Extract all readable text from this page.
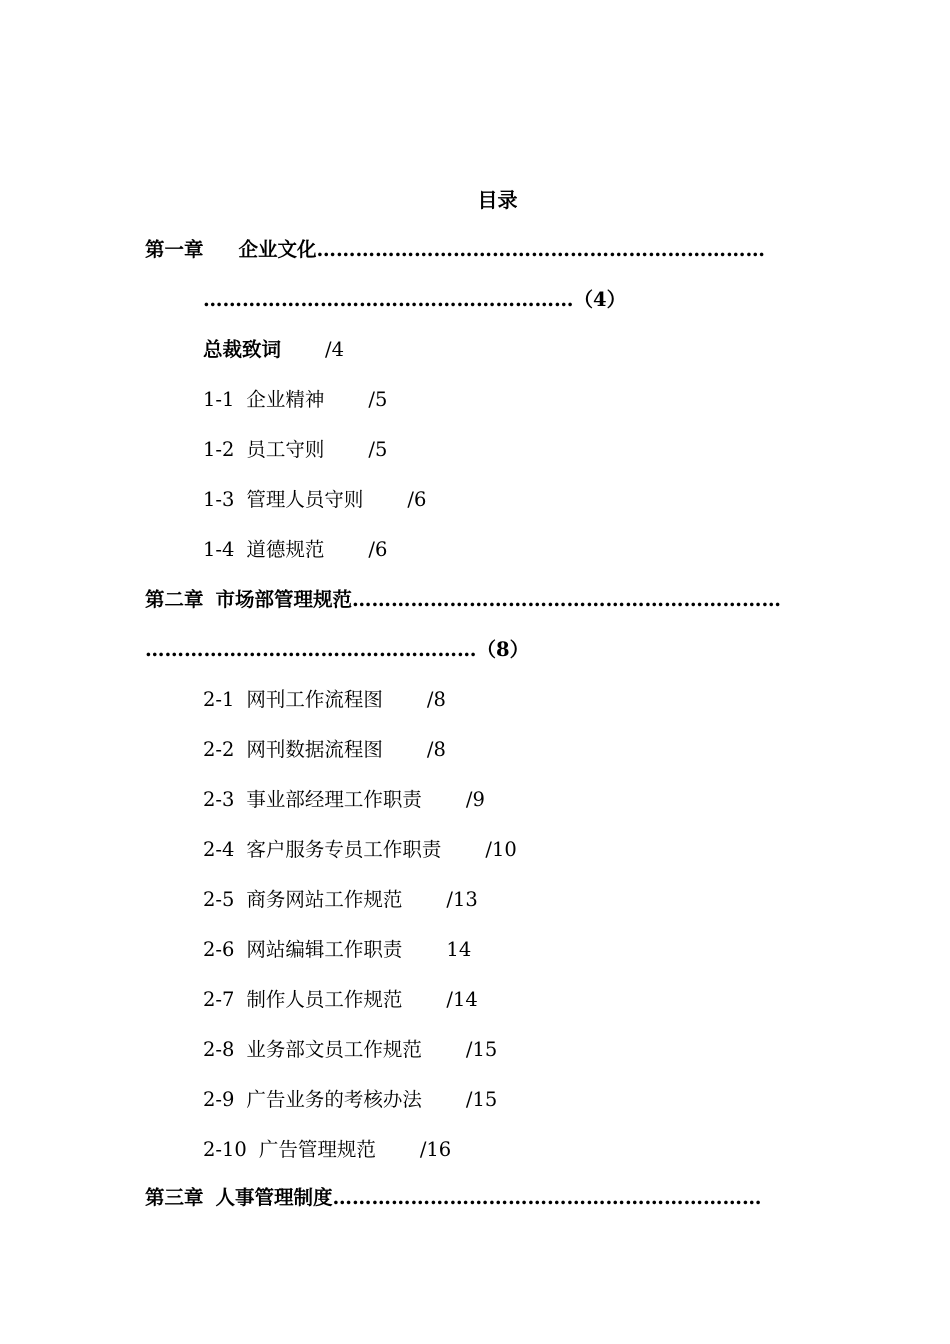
目录
第一章 企业文化……………………………………………………………
…………………………………………………（4）
总裁致词 /4
1-1 企业精神 /5
1-2 员工守则 /5
1-3 管理人员守则 /6
1-4 道德规范 /6
第二章 市场部管理规范…………………………………………………………
……………………………………………（8）
2-1 网刊工作流程图 /8
2-2 网刊数据流程图 /8
2-3 事业部经理工作职责 /9
2-4 客户服务专员工作职责 /10
2-5 商务网站工作规范 /13
2-6 网站编辑工作职责 14
2-7 制作人员工作规范 /14
2-8 业务部文员工作规范 /15
2-9 广告业务的考核办法 /15
2-10 广告管理规范 /16
第三章 人事管理制度…………………………………………………………
